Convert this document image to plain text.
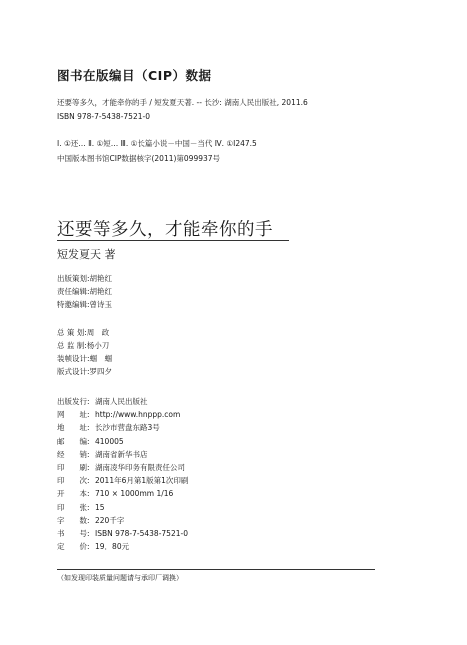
图书在版编目（CIP）数据
还要等多久，才能牵你的手 / 短发夏天著. -- 长沙: 湖南人民出版社, 2011.6
ISBN 978-7-5438-7521-0
Ⅰ. ①还… Ⅱ. ①短… Ⅲ. ①长篇小说－中国－当代 Ⅳ. ①I247.5
中国版本图书馆CIP数据核字(2011)第099937号
还要等多久，才能牵你的手
短发夏天 著
出版策划:胡艳红
责任编辑:胡艳红
特邀编辑:曾诗玉
总 策 划:周　政
总 监 制:杨小刀
装帧设计:蝈　蝈
版式设计:罗四夕
出版发行: 湖南人民出版社
网　　址: http://www.hnppp.com
地　　址: 长沙市营盘东路3号
邮　　编: 410005
经　　销: 湖南省新华书店
印　　刷: 湖南凌华印务有限责任公司
印　　次: 2011年6月第1版第1次印刷
开　　本: 710 × 1000mm 1/16
印　　张: 15
字　　数: 220千字
书　　号: ISBN 978-7-5438-7521-0
定　　价: 19．80元
（如发现印装质量问题请与承印厂调换）
